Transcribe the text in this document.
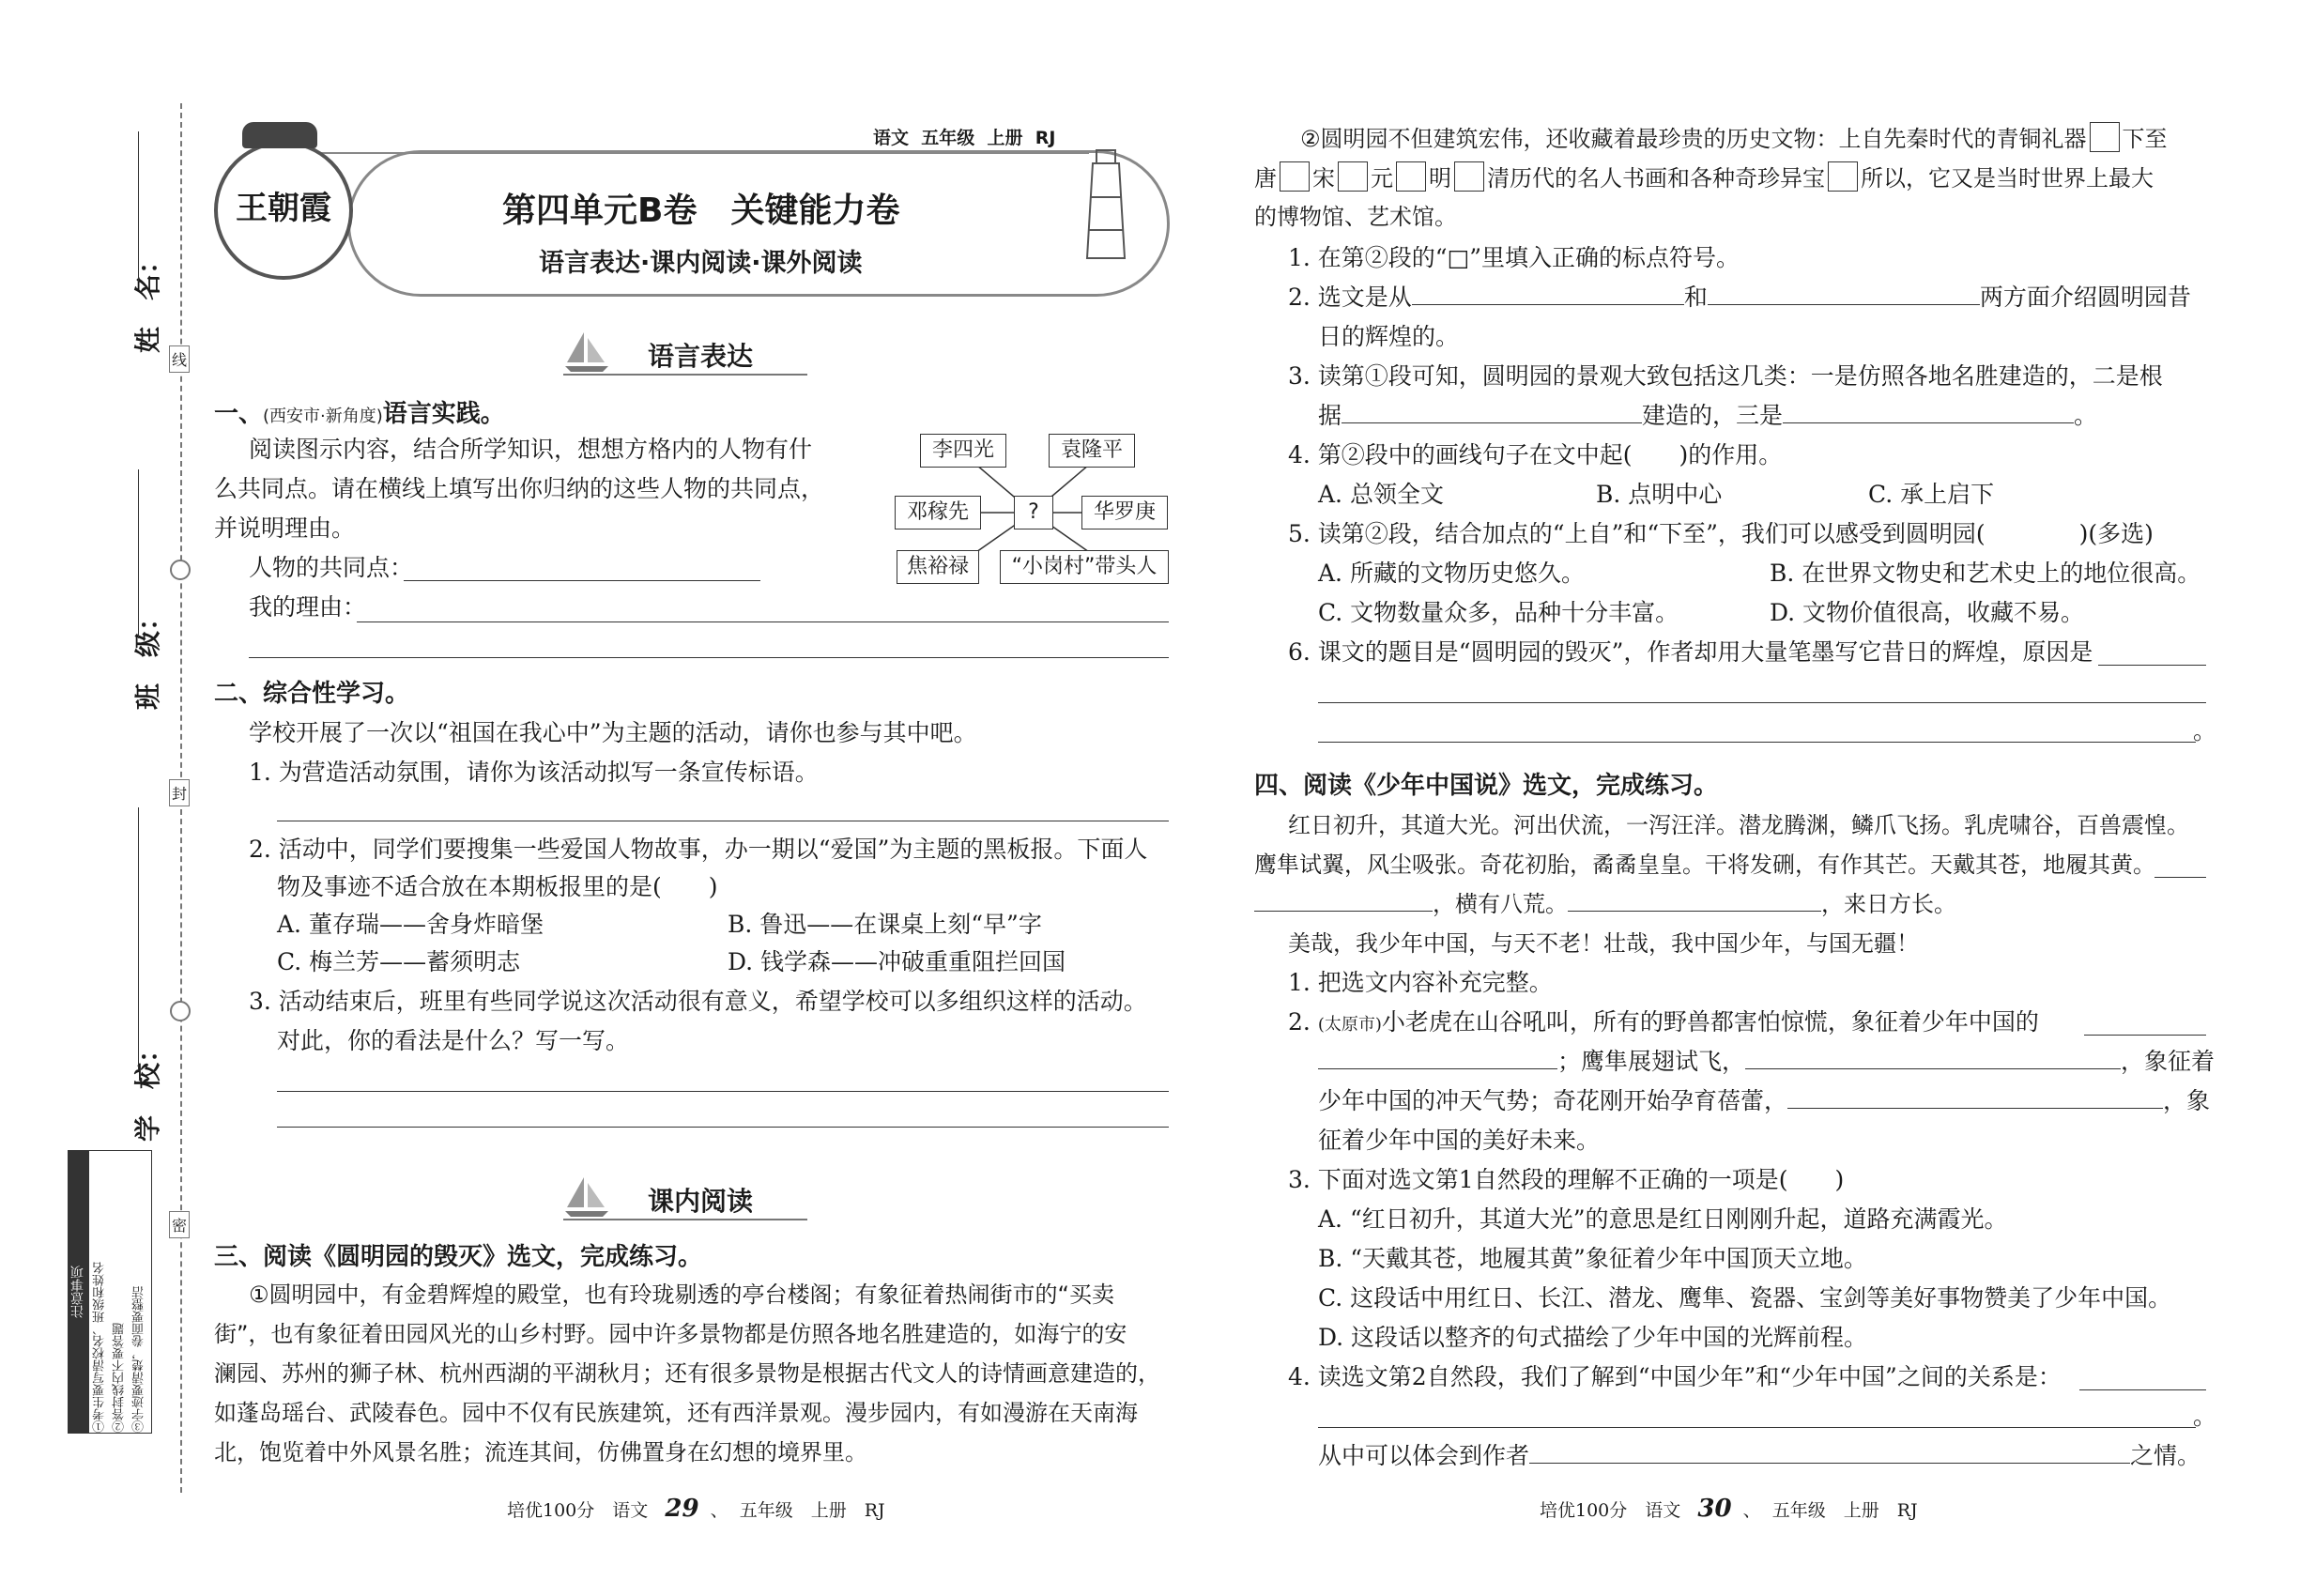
姓　名：
班　级：
学　校：
线
封
密
注意事项 ①考生要写清校名、班级和姓名 ②答封线内不要答题 ③字迹要清楚，卷面要整洁
语文 五年级 上册 RJ
王朝霞	第四单元B卷　关键能力卷
语言表达·课内阅读·课外阅读
语言表达
一、(西安市·新角度)语言实践。
阅读图示内容，结合所学知识，想想方格内的人物有什
么共同点。请在横线上填写出你归纳的这些人物的共同点，
并说明理由。
人物的共同点：
我的理由：
李四光	袁隆平
邓稼先	?	华罗庚
焦裕禄	“小岗村”带头人
二、综合性学习。
学校开展了一次以“祖国在我心中”为主题的活动，请你也参与其中吧。
1. 为营造活动氛围，请你为该活动拟写一条宣传标语。
2. 活动中，同学们要搜集一些爱国人物故事，办一期以“爱国”为主题的黑板报。下面人
物及事迹不适合放在本期板报里的是(　　)
A. 董存瑞——舍身炸暗堡	B. 鲁迅——在课桌上刻“早”字
C. 梅兰芳——蓄须明志	D. 钱学森——冲破重重阻拦回国
3. 活动结束后，班里有些同学说这次活动很有意义，希望学校可以多组织这样的活动。
对此，你的看法是什么？写一写。
课内阅读
三、阅读《圆明园的毁灭》选文，完成练习。
①圆明园中，有金碧辉煌的殿堂，也有玲珑剔透的亭台楼阁；有象征着热闹街市的“买卖
街”，也有象征着田园风光的山乡村野。园中许多景物都是仿照各地名胜建造的，如海宁的安
澜园、苏州的狮子林、杭州西湖的平湖秋月；还有很多景物是根据古代文人的诗情画意建造的，
如蓬岛瑶台、武陵春色。园中不仅有民族建筑，还有西洋景观。漫步园内，有如漫游在天南海
北，饱览着中外风景名胜；流连其间，仿佛置身在幻想的境界里。
培优100分　语文 29  、  五年级　上册　RJ
②圆明园不但建筑宏伟，还收藏着最珍贵的历史文物：上自先秦时代的青铜礼器 下至
唐 宋 元 明 清历代的名人书画和各种奇珍异宝 所以，它又是当时世界上最大
的博物馆、艺术馆。
1. 在第②段的“□”里填入正确的标点符号。
2. 选文是从	和	两方面介绍圆明园昔
日的辉煌的。
3. 读第①段可知，圆明园的景观大致包括这几类：一是仿照各地名胜建造的，二是根
据	建造的，三是	。
4. 第②段中的画线句子在文中起(　　)的作用。
A. 总领全文	B. 点明中心	C. 承上启下
5. 读第②段，结合加点的“上自”和“下至”，我们可以感受到圆明园(　　　　)(多选)
A. 所藏的文物历史悠久。	B. 在世界文物史和艺术史上的地位很高。
C. 文物数量众多，品种十分丰富。	D. 文物价值很高，收藏不易。
6. 课文的题目是“圆明园的毁灭”，作者却用大量笔墨写它昔日的辉煌，原因是
。
四、阅读《少年中国说》选文，完成练习。
红日初升，其道大光。河出伏流，一泻汪洋。潜龙腾渊，鳞爪飞扬。乳虎啸谷，百兽震惶。
鹰隼试翼，风尘吸张。奇花初胎，矞矞皇皇。干将发硎，有作其芒。天戴其苍，地履其黄。
，横有八荒。	，来日方长。
美哉，我少年中国，与天不老！壮哉，我中国少年，与国无疆！
1. 把选文内容补充完整。
2. (太原市)小老虎在山谷吼叫，所有的野兽都害怕惊慌，象征着少年中国的
；鹰隼展翅试飞，	，象征着
少年中国的冲天气势；奇花刚开始孕育蓓蕾，	，象
征着少年中国的美好未来。
3. 下面对选文第1自然段的理解不正确的一项是(　　)
A. “红日初升，其道大光”的意思是红日刚刚升起，道路充满霞光。
B. “天戴其苍，地履其黄”象征着少年中国顶天立地。
C. 这段话中用红日、长江、潜龙、鹰隼、瓷器、宝剑等美好事物赞美了少年中国。
D. 这段话以整齐的句式描绘了少年中国的光辉前程。
4. 读选文第2自然段，我们了解到“中国少年”和“少年中国”之间的关系是：
。
从中可以体会到作者	之情。
培优100分　语文 30  、  五年级　上册　RJ
